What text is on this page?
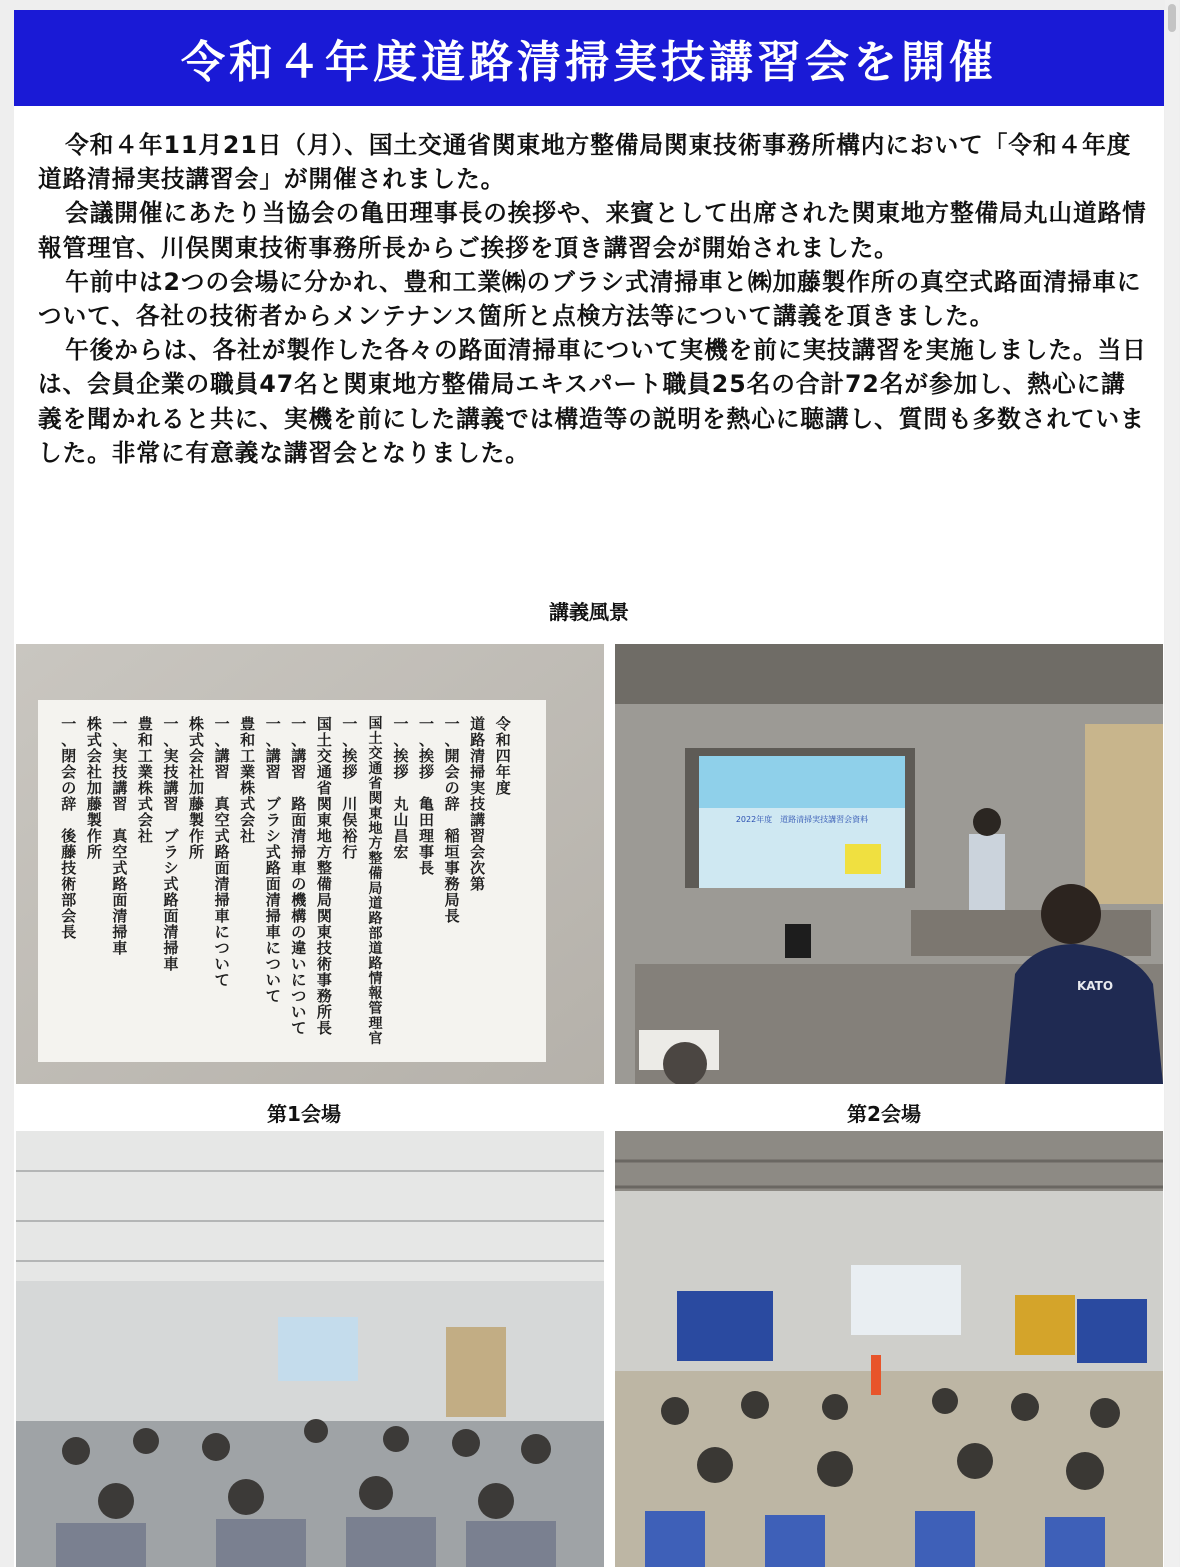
令和４年度道路清掃実技講習会を開催

令和４年11月21日（月）、国土交通省関東地方整備局関東技術事務所構内において「令和４年度道路清掃実技講習会」が開催されました。

会議開催にあたり当協会の亀田理事長の挨拶や、来賓として出席された関東地方整備局丸山道路情報管理官、川俣関東技術事務所長からご挨拶を頂き講習会が開始されました。

午前中は2つの会場に分かれ、豊和工業㈱のブラシ式清掃車と㈱加藤製作所の真空式路面清掃車について、各社の技術者からメンテナンス箇所と点検方法等について講義を頂きました。

午後からは、各社が製作した各々の路面清掃車について実機を前に実技講習を実施しました。当日は、会員企業の職員47名と関東地方整備局エキスパート職員25名の合計72名が参加し、熱心に講義を聞かれると共に、実機を前にした講義では構造等の説明を熱心に聴講し、質問も多数されていました。非常に有意義な講習会となりました。

講義風景
令
和
四
年
度
道
路
清
掃
実
技
講
習
会
次
第
一
、
開
会
の
辞

稲
垣
事
務
局
長
一
、
挨
拶

亀
田
理
事
長
一
、
挨
拶

丸
山
昌
宏
国
土
交
通
省
関
東
地
方
整
備
局
道
路
部
道
路
情
報
管
理
官
一
、
挨
拶

川
俣
裕
行
国
土
交
通
省
関
東
地
方
整
備
局
関
東
技
術
事
務
所
長
一
、
講
習

路
面
清
掃
車
の
機
構
の
違
い
に
つ
い
て
一
、
講
習

ブ
ラ
シ
式
路
面
清
掃
車
に
つ
い
て
豊
和
工
業
株
式
会
社
一
、
講
習

真
空
式
路
面
清
掃
車
に
つ
い
て
株
式
会
社
加
藤
製
作
所
一
、
実
技
講
習

ブ
ラ
シ
式
路
面
清
掃
車
豊
和
工
業
株
式
会
社
一
、
実
技
講
習

真
空
式
路
面
清
掃
車
株
式
会
社
加
藤
製
作
所
一
、
閉
会
の
辞

後
藤
技
術
部
会
長
2022年度　道路清掃実技講習会資料
KATO
第1会場	第2会場
